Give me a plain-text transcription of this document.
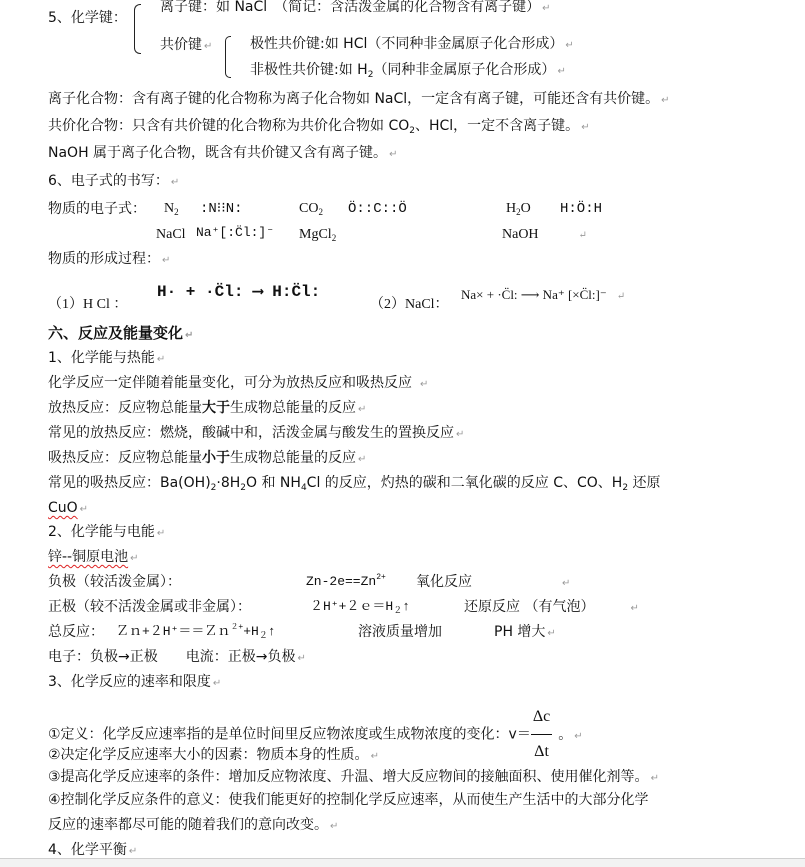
5、化学键：
离子键：如 NaCl　（简记：含活泼金属的化合物含有离子键） ↵
共价键 ↵	极性共价键:如 HCl（不同种非金属原子化合形成） ↵
非极性共价键:如 $H_2$（同种非金属原子化合形成） ↵
离子化合物：含有离子键的化合物称为离子化合物如 NaCl，一定含有离子键，可能还含有共价键。 ↵
共价化合物：只含有共价键的化合物称为共价化合物如 $CO_2$、HCl，一定不含离子键。 ↵
NaOH 属于离子化合物，既含有共价键又含有离子键。 ↵
6、电子式的书写： ↵
物质的电子式： $N_2$ :N⁝⁝N:	$CO_2$ Ö::C::Ö	$H_2O$ H:Ö:H
NaCl Na⁺[:C̈l:]⁻ MgCl$_2$	NaOH	↵
物质的形成过程： ↵
（1）H Cl ：
H· + ·C̈l: ⟶ H:C̈l:
（2）NaCl：
Na× + ·C̈l: ⟶ Na⁺ [×C̈l:]⁻ ↵
六、反应及能量变化 ↵
1、化学能与热能 ↵
化学反应一定伴随着能量变化，可分为放热反应和吸热反应 ↵
放热反应：反应物总能量大于生成物总能量的反应 ↵
常见的放热反应：燃烧，酸碱中和，活泼金属与酸发生的置换反应 ↵
吸热反应：反应物总能量小于生成物总能量的反应 ↵
常见的吸热反应：$Ba(OH)_2\cdot 8H_2O$ 和 $NH_4Cl$ 的反应，灼热的碳和二氧化碳的反应 C、CO、$H_2$ 还原
CuO ↵
2、化学能与电能 ↵
锌--铜原电池 ↵
负极（较活泼金属）：	$Zn-2e==Zn^{2+}$ 氧化反应	↵
正极（较不活泼金属或非金属）：	$2H^++2e=H_2↑$	还原反应 （有气泡）	↵
总反应： $Zn+2H^+==Zn^{2+}+H_2↑$	溶液质量增加	PH 增大 ↵
电子：负极→正极　　电流：正极→负极 ↵
3、化学反应的速率和限度 ↵
①定义：化学反应速率指的是单位时间里反应物浓度或生成物浓度的变化：$v= \frac{\Delta c}{\Delta t}$ 。 ↵
②决定化学反应速率大小的因素：物质本身的性质。 ↵
③提高化学反应速率的条件：增加反应物浓度、升温、增大反应物间的接触面积、使用催化剂等。 ↵
④控制化学反应条件的意义：使我们能更好的控制化学反应速率，从而使生产生活中的大部分化学
反应的速率都尽可能的随着我们的意向改变。 ↵
4、化学平衡 ↵
